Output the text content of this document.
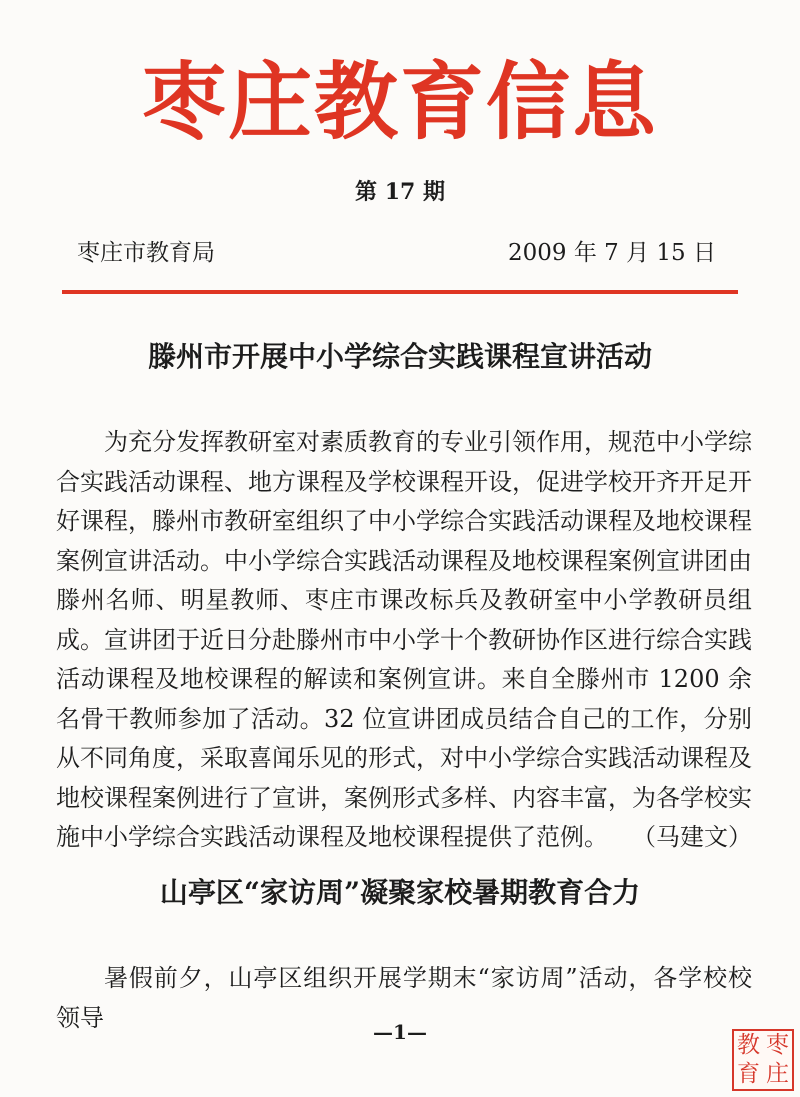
枣庄教育信息
第 17 期
枣庄市教育局	2009 年 7 月 15 日
滕州市开展中小学综合实践课程宣讲活动
为充分发挥教研室对素质教育的专业引领作用，规范中小学综合实践活动课程、地方课程及学校课程开设，促进学校开齐开足开好课程，滕州市教研室组织了中小学综合实践活动课程及地校课程案例宣讲活动。中小学综合实践活动课程及地校课程案例宣讲团由滕州名师、明星教师、枣庄市课改标兵及教研室中小学教研员组成。宣讲团于近日分赴滕州市中小学十个教研协作区进行综合实践活动课程及地校课程的解读和案例宣讲。来自全滕州市 1200 余名骨干教师参加了活动。32 位宣讲团成员结合自己的工作，分别从不同角度，采取喜闻乐见的形式，对中小学综合实践活动课程及地校课程案例进行了宣讲，案例形式多样、内容丰富，为各学校实施中小学综合实践活动课程及地校课程提供了范例。 （马建文）
山亭区“家访周”凝聚家校暑期教育合力
暑假前夕，山亭区组织开展学期末“家访周”活动，各学校校领导
—1—	教 枣
育 庄
